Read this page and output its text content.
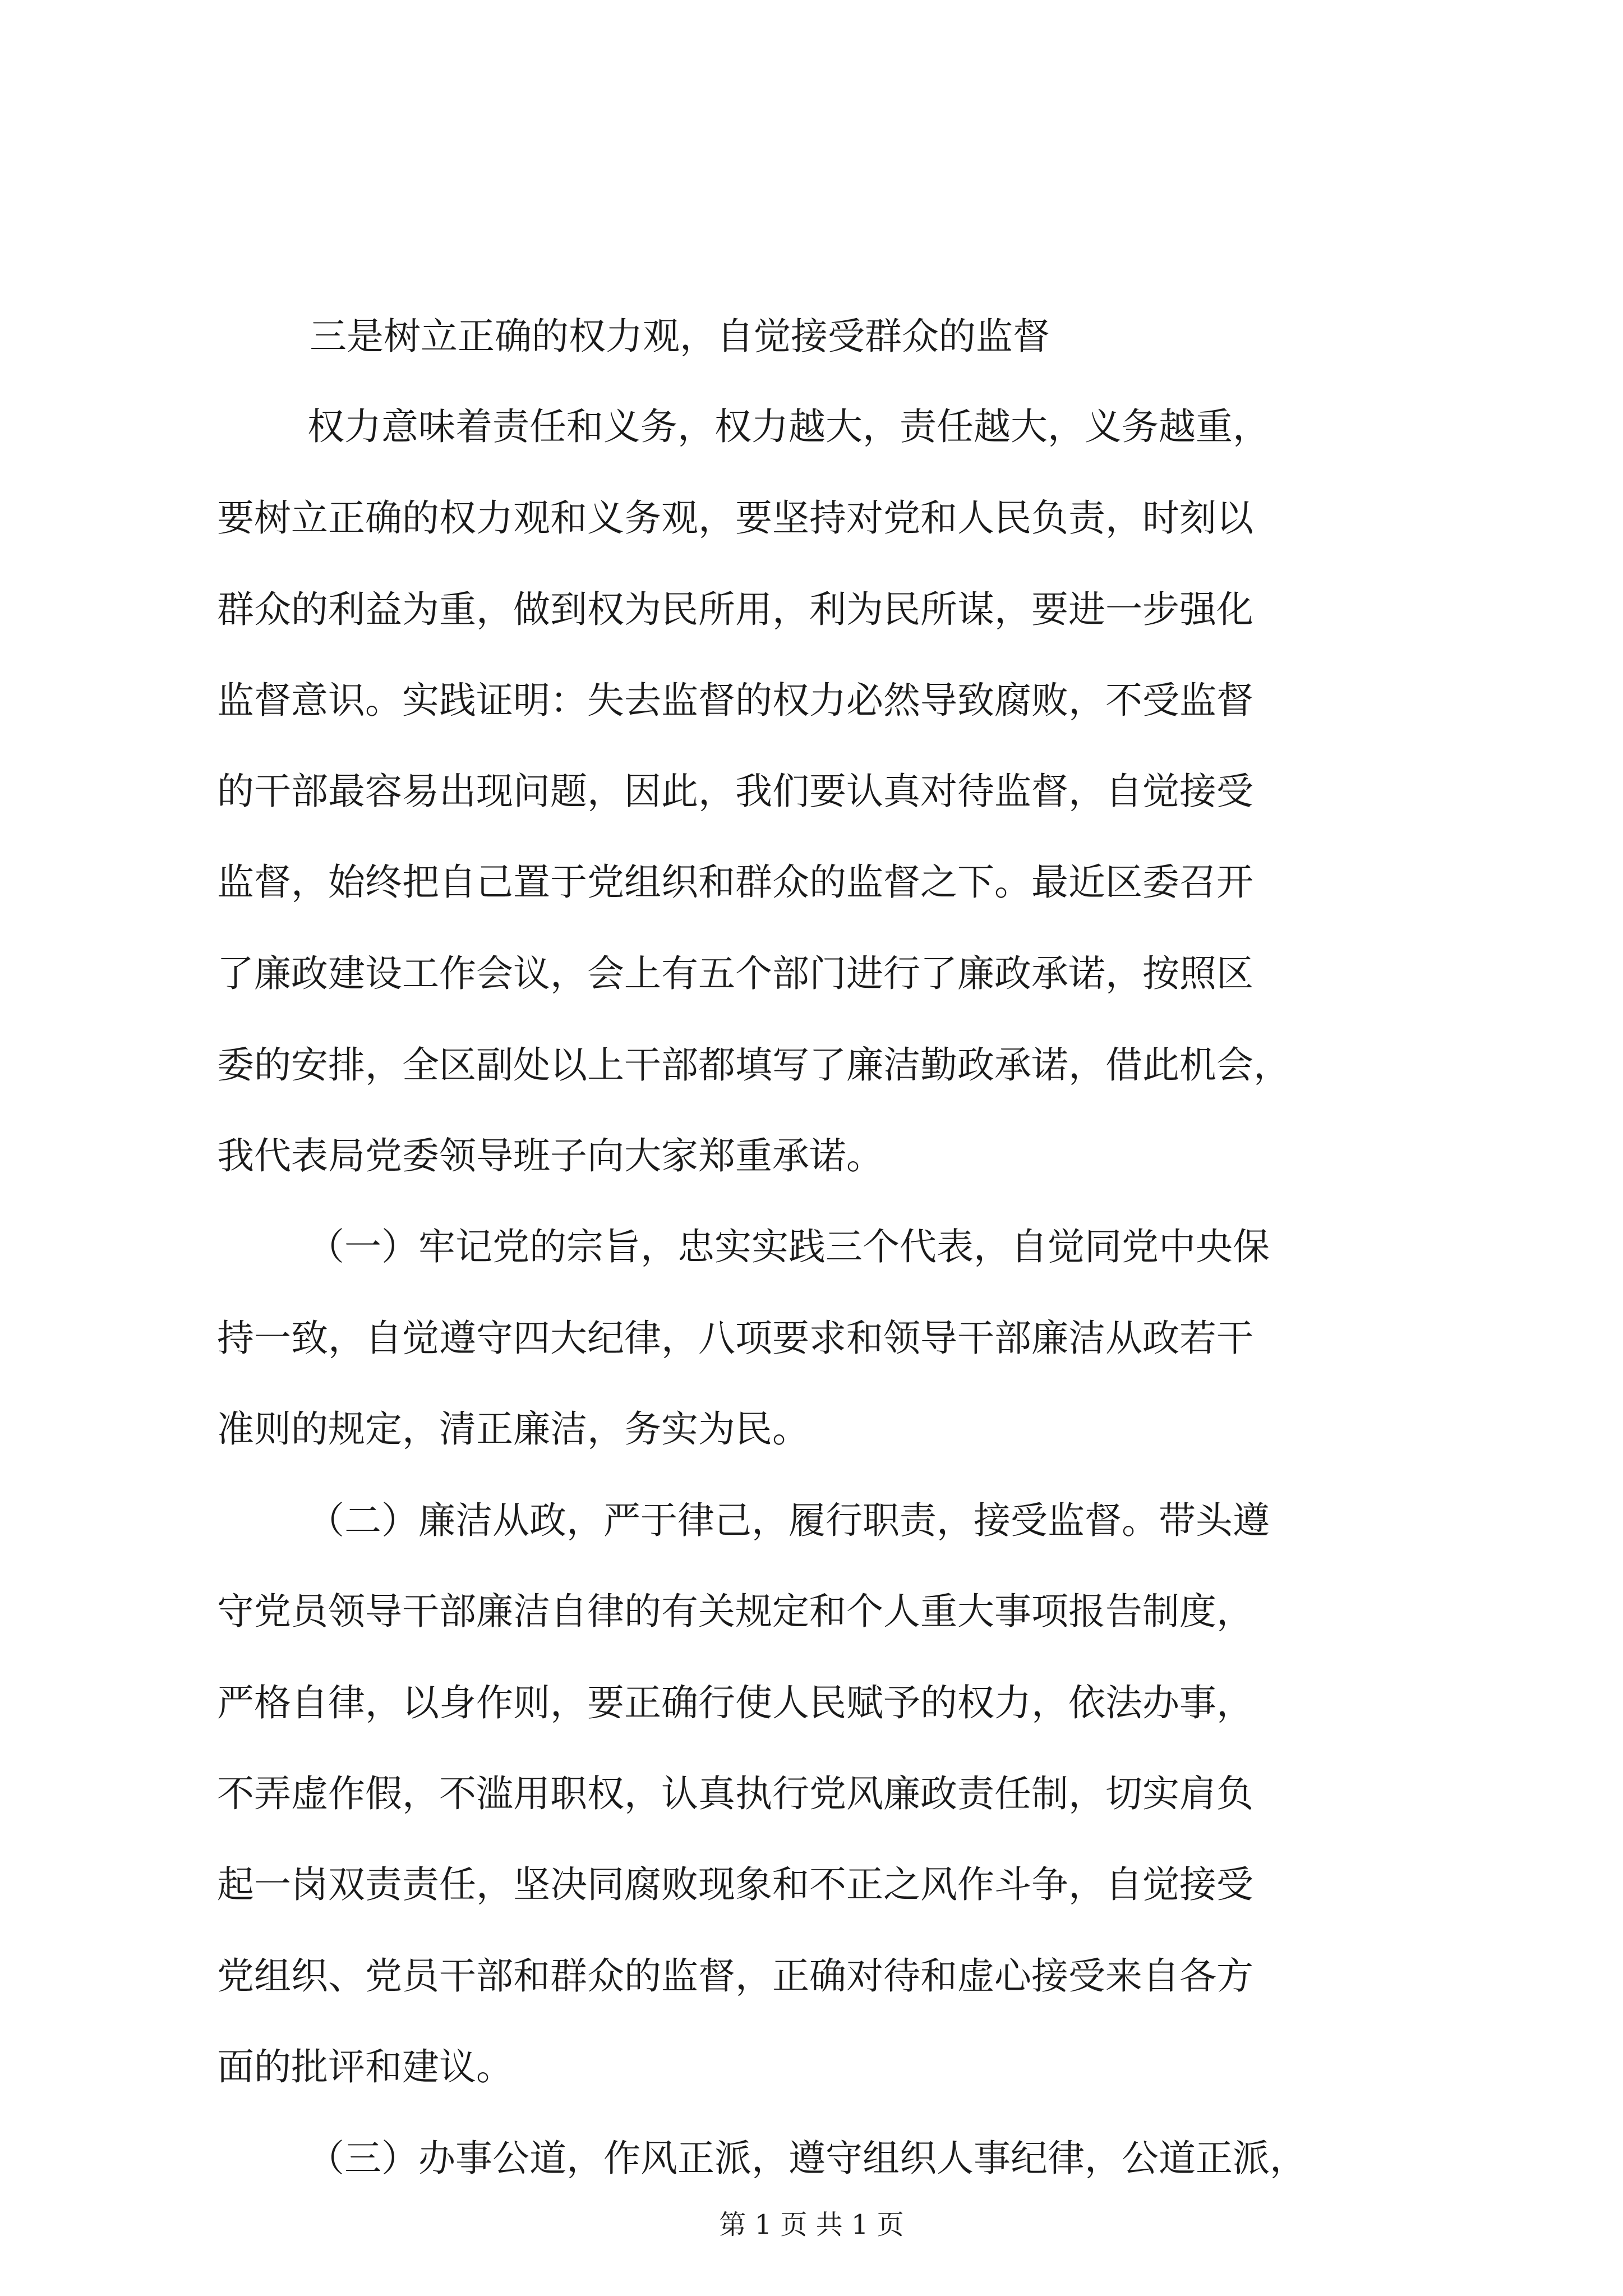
三是树立正确的权力观，自觉接受群众的监督
权力意味着责任和义务，权力越大，责任越大，义务越重，
要树立正确的权力观和义务观，要坚持对党和人民负责，时刻以
群众的利益为重，做到权为民所用，利为民所谋，要进一步强化
监督意识。实践证明：失去监督的权力必然导致腐败，不受监督
的干部最容易出现问题，因此，我们要认真对待监督，自觉接受
监督，始终把自己置于党组织和群众的监督之下。最近区委召开
了廉政建设工作会议，会上有五个部门进行了廉政承诺，按照区
委的安排，全区副处以上干部都填写了廉洁勤政承诺，借此机会，
我代表局党委领导班子向大家郑重承诺。
（一）牢记党的宗旨，忠实实践三个代表，自觉同党中央保
持一致，自觉遵守四大纪律，八项要求和领导干部廉洁从政若干
准则的规定，清正廉洁，务实为民。
（二）廉洁从政，严于律己，履行职责，接受监督。带头遵
守党员领导干部廉洁自律的有关规定和个人重大事项报告制度，
严格自律，以身作则，要正确行使人民赋予的权力，依法办事，
不弄虚作假，不滥用职权，认真执行党风廉政责任制，切实肩负
起一岗双责责任，坚决同腐败现象和不正之风作斗争，自觉接受
党组织、党员干部和群众的监督，正确对待和虚心接受来自各方
面的批评和建议。
（三）办事公道，作风正派，遵守组织人事纪律，公道正派，
第 1 页 共 1 页
